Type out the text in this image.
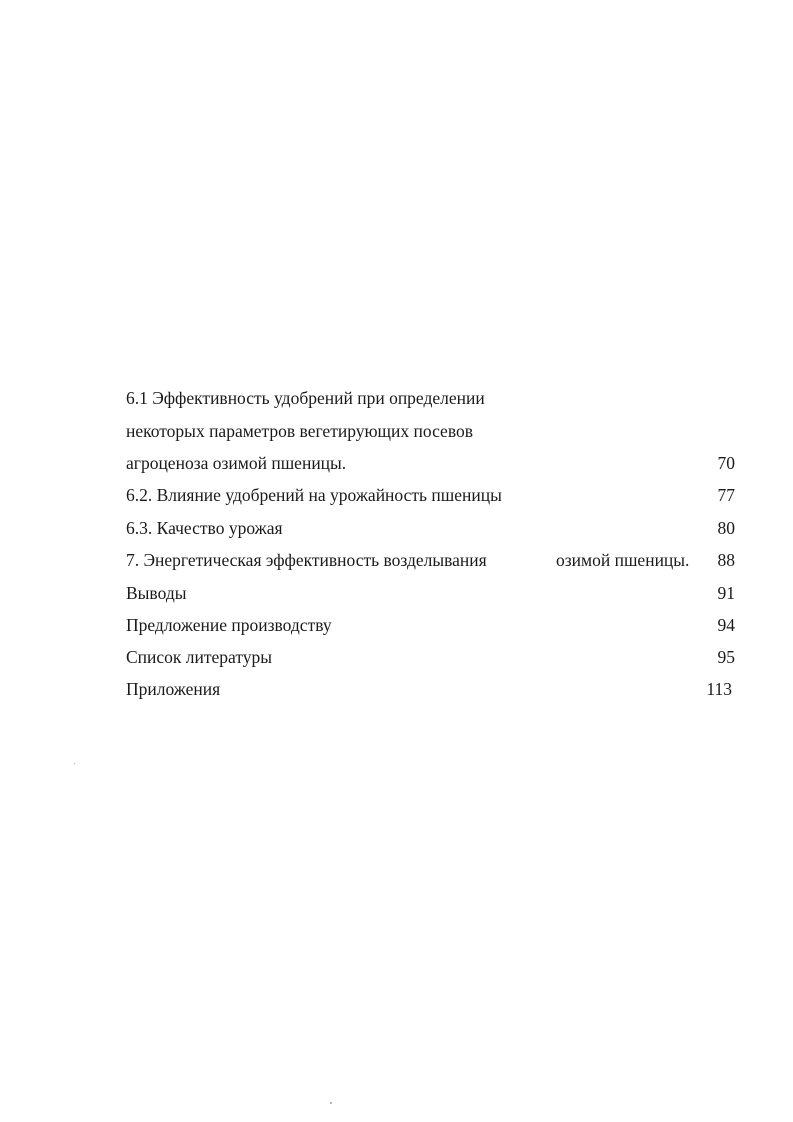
6.1 Эффективность удобрений при определении
некоторых параметров вегетирующих посевов
агроценоза озимой пшеницы.	70
6.2. Влияние удобрений на урожайность пшеницы	77
6.3. Качество урожая	80
7. Энергетическая эффективность возделывания	озимой пшеницы. 88
Выводы	91
Предложение производству	94
Список литературы	95
Приложения	113
